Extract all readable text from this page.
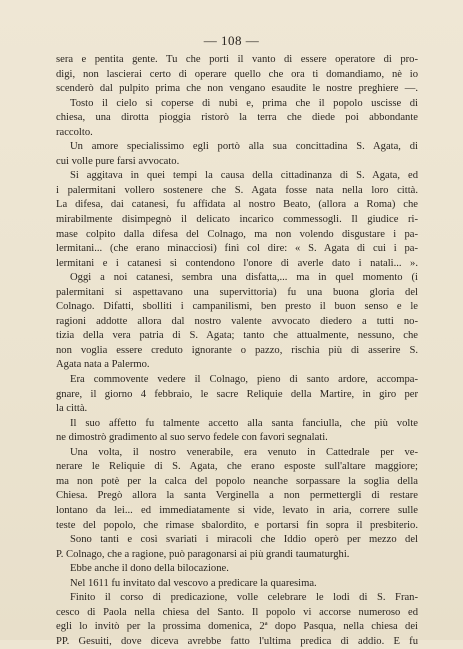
— 108 —
sera e pentita gente. Tu che porti il vanto di essere operatore di pro-
digi, non lascierai certo di operare quello che ora ti domandiamo, nè io
scenderò dal pulpito prima che non vengano esaudite le nostre preghiere —.
Tosto il cielo si coperse di nubi e, prima che il popolo uscisse di
chiesa, una dirotta pioggia ristorò la terra che diede poi abbondante
raccolto.
Un amore specialissimo egli portò alla sua concittadina S. Agata, di
cui volle pure farsi avvocato.
Si aggitava in quei tempi la causa della cittadinanza di S. Agata, ed
i palermitani vollero sostenere che S. Agata fosse nata nella loro città.
La difesa, dai catanesi, fu affidata al nostro Beato, (allora a Roma) che
mirabilmente disimpegnò il delicato incarico commessogli. Il giudice ri-
mase colpito dalla difesa del Colnago, ma non volendo disgustare i pa-
lermitani... (che erano minacciosi) finì col dire: « S. Agata di cui i pa-
lermitani e i catanesi si contendono l'onore di averle dato i natali... ».
Oggi a noi catanesi, sembra una disfatta,... ma in quel momento (i
palermitani si aspettavano una supervittoria) fu una buona gloria del
Colnago. Difatti, sbolliti i campanilismi, ben presto il buon senso e le
ragioni addotte allora dal nostro valente avvocato diedero a tutti no-
tizia della vera patria di S. Agata; tanto che attualmente, nessuno, che
non voglia essere creduto ignorante o pazzo, rischia più di asserire S.
Agata nata a Palermo.
Era commovente vedere il Colnago, pieno di santo ardore, accompa-
gnare, il giorno 4 febbraio, le sacre Reliquie della Martire, in giro per
la città.
Il suo affetto fu talmente accetto alla santa fanciulla, che più volte
ne dimostrò gradimento al suo servo fedele con favori segnalati.
Una volta, il nostro venerabile, era venuto in Cattedrale per ve-
nerare le Reliquie di S. Agata, che erano esposte sull'altare maggiore;
ma non potè per la calca del popolo neanche sorpassare la soglia della
Chiesa. Pregò allora la santa Verginella a non permettergli di restare
lontano da lei... ed immediatamente si vide, levato in aria, correre sulle
teste del popolo, che rimase sbalordito, e portarsi fin sopra il presbiterio.
Sono tanti e così svariati i miracoli che Iddio operò per mezzo del
P. Colnago, che a ragione, può paragonarsi ai più grandi taumaturghi.
Ebbe anche il dono della bilocazione.
Nel 1611 fu invitato dal vescovo a predicare la quaresima.
Finito il corso di predicazione, volle celebrare le lodi di S. Fran-
cesco di Paola nella chiesa del Santo. Il popolo vi accorse numeroso ed
egli lo invitò per la prossima domenica, 2ª dopo Pasqua, nella chiesa dei
PP. Gesuiti, dove diceva avrebbe fatto l'ultima predica di addio. E fu
